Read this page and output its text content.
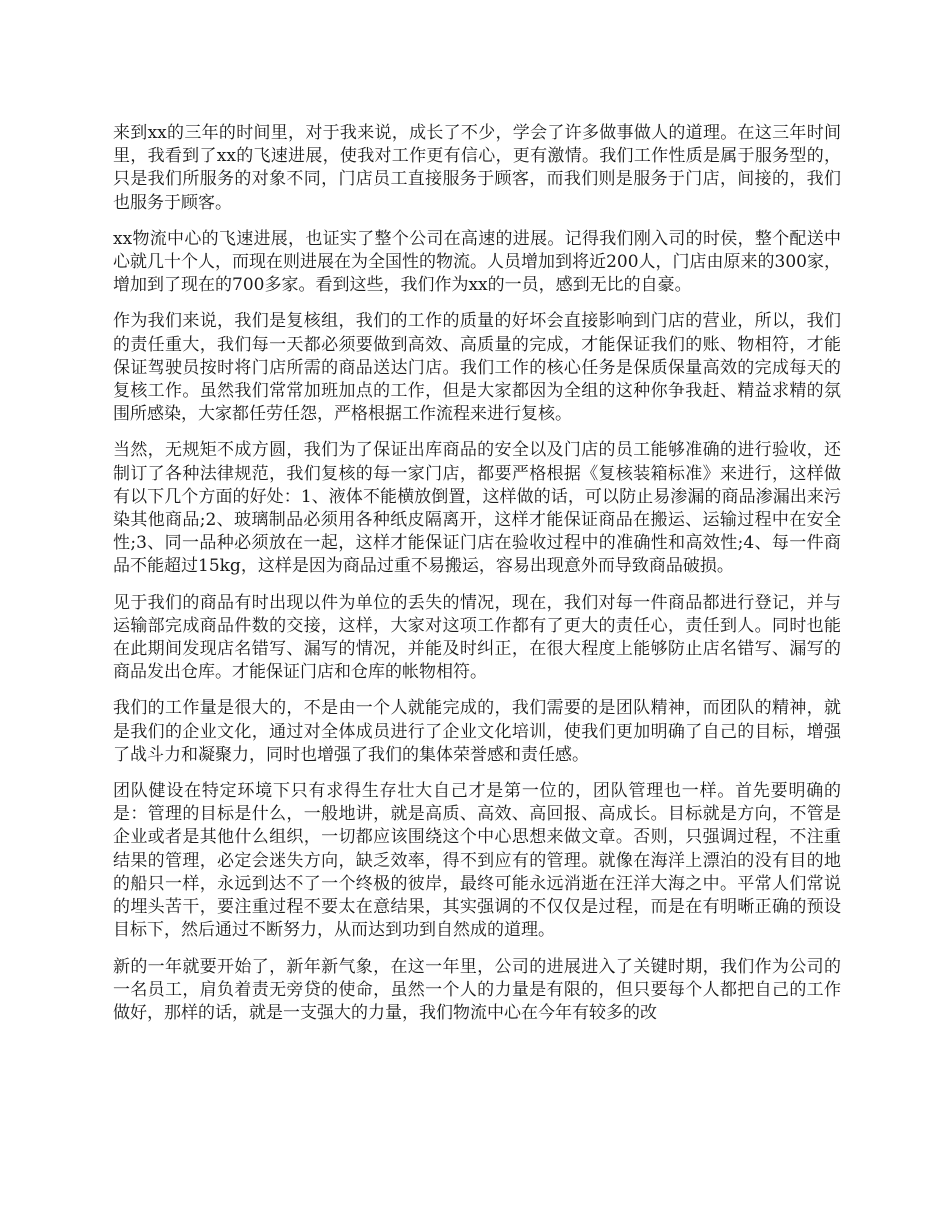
来到xx的三年的时间里，对于我来说，成长了不少，学会了许多做事做人的道理。在这三年时间里，我看到了xx的飞速进展，使我对工作更有信心，更有激情。我们工作性质是属于服务型的，只是我们所服务的对象不同，门店员工直接服务于顾客，而我们则是服务于门店，间接的，我们也服务于顾客。

xx物流中心的飞速进展，也证实了整个公司在高速的进展。记得我们刚入司的时侯，整个配送中心就几十个人，而现在则进展在为全国性的物流。人员增加到将近200人，门店由原来的300家，增加到了现在的700多家。看到这些，我们作为xx的一员，感到无比的自豪。

作为我们来说，我们是复核组，我们的工作的质量的好坏会直接影响到门店的营业，所以，我们的责任重大，我们每一天都必须要做到高效、高质量的完成，才能保证我们的账、物相符，才能保证驾驶员按时将门店所需的商品送达门店。我们工作的核心任务是保质保量高效的完成每天的复核工作。虽然我们常常加班加点的工作，但是大家都因为全组的这种你争我赶、精益求精的氛围所感染，大家都任劳任怨，严格根据工作流程来进行复核。

当然，无规矩不成方圆，我们为了保证出库商品的安全以及门店的员工能够准确的进行验收，还制订了各种法律规范，我们复核的每一家门店，都要严格根据《复核装箱标准》来进行，这样做有以下几个方面的好处：1、液体不能横放倒置，这样做的话，可以防止易渗漏的商品渗漏出来污染其他商品;2、玻璃制品必须用各种纸皮隔离开，这样才能保证商品在搬运、运输过程中在安全性;3、同一品种必须放在一起，这样才能保证门店在验收过程中的准确性和高效性;4、每一件商品不能超过15kg，这样是因为商品过重不易搬运，容易出现意外而导致商品破损。

见于我们的商品有时出现以件为单位的丢失的情况，现在，我们对每一件商品都进行登记，并与运输部完成商品件数的交接，这样，大家对这项工作都有了更大的责任心，责任到人。同时也能在此期间发现店名错写、漏写的情况，并能及时纠正，在很大程度上能够防止店名错写、漏写的商品发出仓库。才能保证门店和仓库的帐物相符。

我们的工作量是很大的，不是由一个人就能完成的，我们需要的是团队精神，而团队的精神，就是我们的企业文化，通过对全体成员进行了企业文化培训，使我们更加明确了自己的目标，增强了战斗力和凝聚力，同时也增强了我们的集体荣誉感和责任感。

团队健设在特定环境下只有求得生存壮大自己才是第一位的，团队管理也一样。首先要明确的是：管理的目标是什么，一般地讲，就是高质、高效、高回报、高成长。目标就是方向，不管是企业或者是其他什么组织，一切都应该围绕这个中心思想来做文章。否则，只强调过程，不注重结果的管理，必定会迷失方向，缺乏效率，得不到应有的管理。就像在海洋上漂泊的没有目的地的船只一样，永远到达不了一个终极的彼岸，最终可能永远消逝在汪洋大海之中。平常人们常说的埋头苦干，要注重过程不要太在意结果，其实强调的不仅仅是过程，而是在有明晰正确的预设目标下，然后通过不断努力，从而达到功到自然成的道理。

新的一年就要开始了，新年新气象，在这一年里，公司的进展进入了关键时期，我们作为公司的一名员工，肩负着责无旁贷的使命，虽然一个人的力量是有限的，但只要每个人都把自己的工作做好，那样的话，就是一支强大的力量，我们物流中心在今年有较多的改
